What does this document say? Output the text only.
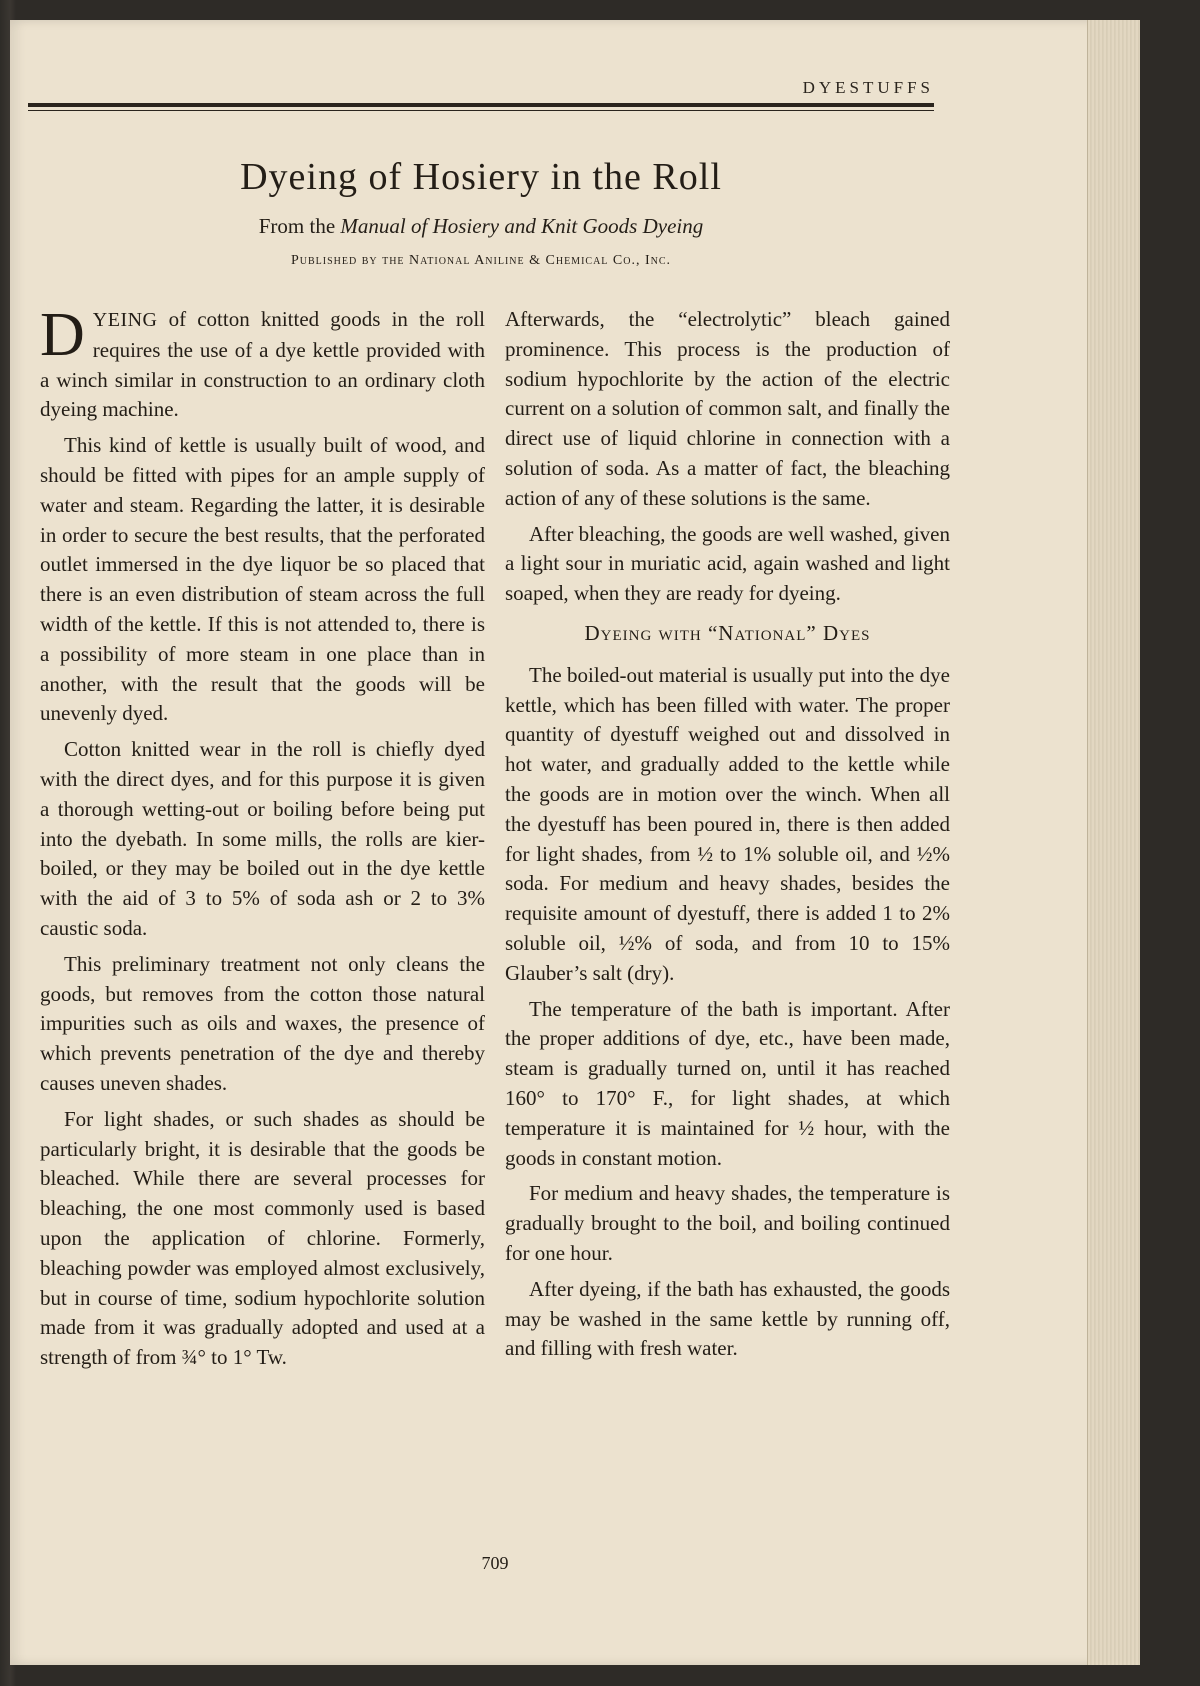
DYESTUFFS
Dyeing of Hosiery in the Roll
From the Manual of Hosiery and Knit Goods Dyeing
Published by the National Aniline & Chemical Co., Inc.

DYEING of cotton knitted goods in the roll requires the use of a dye kettle provided with a winch similar in construction to an ordinary cloth dyeing machine.

This kind of kettle is usually built of wood, and should be fitted with pipes for an ample supply of water and steam. Regarding the latter, it is desirable in order to secure the best results, that the perforated outlet immersed in the dye liquor be so placed that there is an even distribution of steam across the full width of the kettle. If this is not attended to, there is a possibility of more steam in one place than in another, with the result that the goods will be unevenly dyed.

Cotton knitted wear in the roll is chiefly dyed with the direct dyes, and for this purpose it is given a thorough wetting-out or boiling before being put into the dyebath. In some mills, the rolls are kier-boiled, or they may be boiled out in the dye kettle with the aid of 3 to 5% of soda ash or 2 to 3% caustic soda.

This preliminary treatment not only cleans the goods, but removes from the cotton those natural impurities such as oils and waxes, the presence of which prevents penetration of the dye and thereby causes uneven shades.

For light shades, or such shades as should be particularly bright, it is desirable that the goods be bleached. While there are several processes for bleaching, the one most commonly used is based upon the application of chlorine. Formerly, bleaching powder was employed almost exclusively, but in course of time, sodium hypochlorite solution made from it was gradually adopted and used at a strength of from ¾° to 1° Tw.

Afterwards, the “electrolytic” bleach gained prominence. This process is the production of sodium hypochlorite by the action of the electric current on a solution of common salt, and finally the direct use of liquid chlorine in connection with a solution of soda. As a matter of fact, the bleaching action of any of these solutions is the same.

After bleaching, the goods are well washed, given a light sour in muriatic acid, again washed and light soaped, when they are ready for dyeing.

Dyeing with “National” Dyes

The boiled-out material is usually put into the dye kettle, which has been filled with water. The proper quantity of dyestuff weighed out and dissolved in hot water, and gradually added to the kettle while the goods are in motion over the winch. When all the dyestuff has been poured in, there is then added for light shades, from ½ to 1% soluble oil, and ½% soda. For medium and heavy shades, besides the requisite amount of dyestuff, there is added 1 to 2% soluble oil, ½% of soda, and from 10 to 15% Glauber’s salt (dry).

The temperature of the bath is important. After the proper additions of dye, etc., have been made, steam is gradually turned on, until it has reached 160° to 170° F., for light shades, at which temperature it is maintained for ½ hour, with the goods in constant motion.

For medium and heavy shades, the temperature is gradually brought to the boil, and boiling continued for one hour.

After dyeing, if the bath has exhausted, the goods may be washed in the same kettle by running off, and filling with fresh water.

709
